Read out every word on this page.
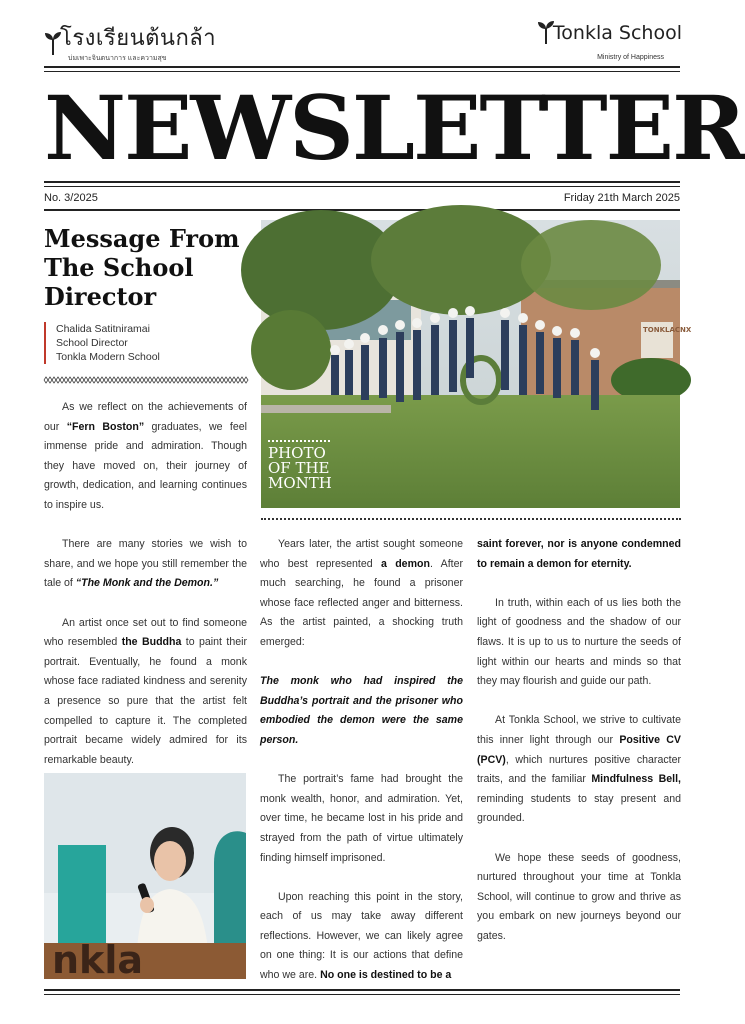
โรงเรียนต้นกล้า
บ่มเพาะจินตนาการ และความสุข
Tonkla School
Ministry of Happiness
NEWSLETTER
No. 3/2025	Friday 21th March 2025
Message From The School Director
Chalida Satitniramai
School Director
Tonkla Modern School

As we reflect on the achievements of our “Fern Boston” graduates, we feel immense pride and admiration. Though they have moved on, their journey of growth, dedication, and learning continues to inspire us.

There are many stories we wish to share, and we hope you still remember the tale of “The Monk and the Demon.”

An artist once set out to find someone who resembled the Buddha to paint their portrait. Eventually, he found a monk whose face radiated kindness and serenity a presence so pure that the artist felt compelled to capture it. The completed portrait became widely admired for its remarkable beauty.

nkla
TONKLACNX
PHOTO
OF THE
MONTH

Years later, the artist sought someone who best represented a demon. After much searching, he found a prisoner whose face reflected anger and bitterness. As the artist painted, a shocking truth emerged:

The monk who had inspired the Buddha’s portrait and the prisoner who embodied the demon were the same person.

The portrait’s fame had brought the monk wealth, honor, and admiration. Yet, over time, he became lost in his pride and strayed from the path of virtue ultimately finding himself imprisoned.

Upon reaching this point in the story, each of us may take away different reflections. However, we can likely agree on one thing: It is our actions that define who we are. No one is destined to be a

saint forever, nor is anyone condemned to remain a demon for eternity.

In truth, within each of us lies both the light of goodness and the shadow of our flaws. It is up to us to nurture the seeds of light within our hearts and minds so that they may flourish and guide our path.

At Tonkla School, we strive to cultivate this inner light through our Positive CV (PCV), which nurtures positive character traits, and the familiar Mindfulness Bell, reminding students to stay present and grounded.

We hope these seeds of goodness, nurtured throughout your time at Tonkla School, will continue to grow and thrive as you embark on new journeys beyond our gates.
